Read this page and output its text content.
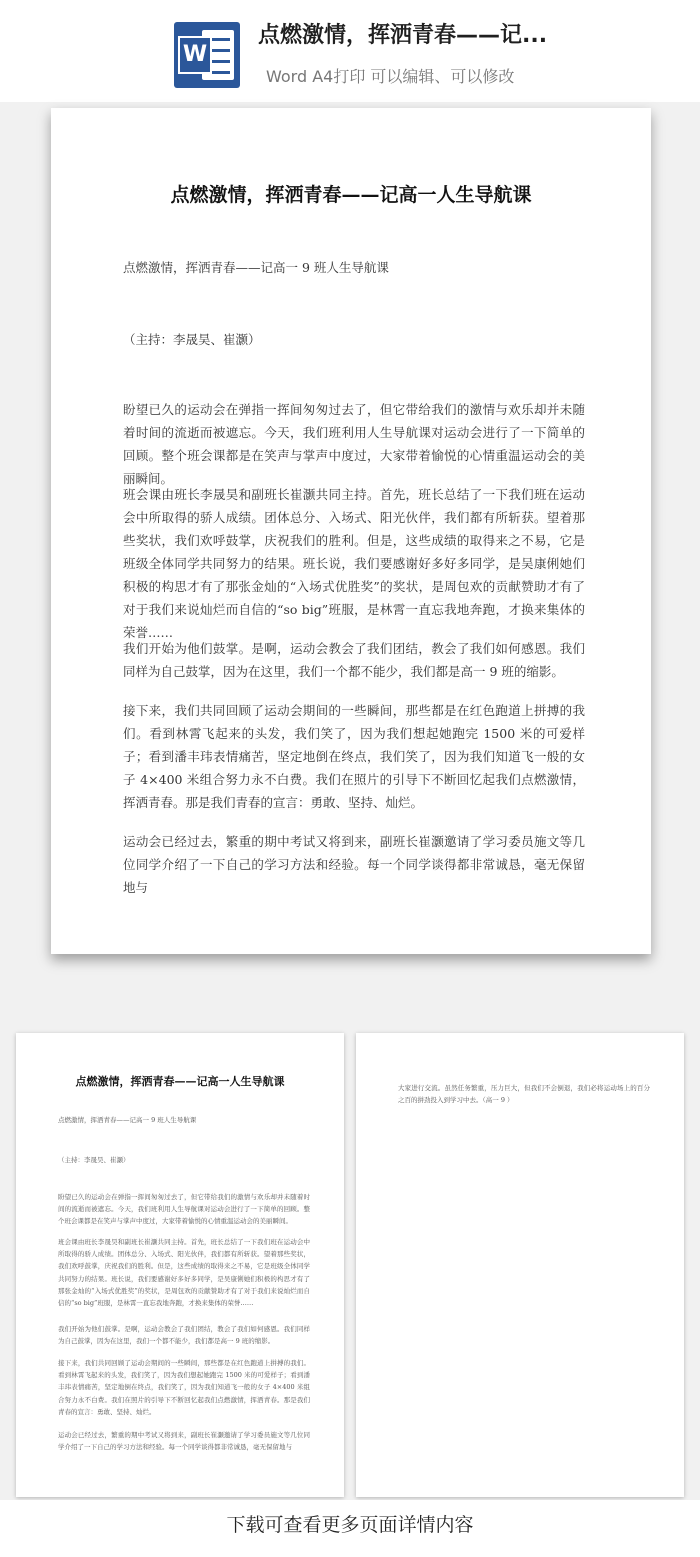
W
点燃激情，挥洒青春——记...
Word A4打印 可以编辑、可以修改
点燃激情，挥洒青春——记高一人生导航课
点燃激情，挥洒青春——记高一 9 班人生导航课
（主持：李晟昊、崔灏）

盼望已久的运动会在弹指一挥间匆匆过去了，但它带给我们的激情与欢乐却并未随着时间的流逝而被遮忘。今天，我们班利用人生导航课对运动会进行了一下简单的回顾。整个班会课都是在笑声与掌声中度过，大家带着愉悦的心情重温运动会的美丽瞬间。

班会课由班长李晟昊和副班长崔灏共同主持。首先，班长总结了一下我们班在运动会中所取得的骄人成绩。团体总分、入场式、阳光伙伴，我们都有所斩获。望着那些奖状，我们欢呼鼓掌，庆祝我们的胜利。但是，这些成绩的取得来之不易，它是班级全体同学共同努力的结果。班长说，我们要感谢好多好多同学，是吴康俐她们积极的构思才有了那张金灿的“入场式优胜奖”的奖状，是周包欢的贡献赞助才有了对于我们来说灿烂而自信的“so big”班服，是林霄一直忘我地奔跑，才换来集体的荣誉……

我们开始为他们鼓掌。是啊，运动会教会了我们团结，教会了我们如何感恩。我们同样为自己鼓掌，因为在这里，我们一个都不能少，我们都是高一 9 班的缩影。

接下来，我们共同回顾了运动会期间的一些瞬间，那些都是在红色跑道上拼搏的我们。看到林霄飞起来的头发，我们笑了，因为我们想起她跑完 1500 米的可爱样子；看到潘丰玮表情痛苦，坚定地倒在终点，我们笑了，因为我们知道飞一般的女子 4×400 米组合努力永不白费。我们在照片的引导下不断回忆起我们点燃激情，挥洒青春。那是我们青春的宣言：勇敢、坚持、灿烂。

运动会已经过去，繁重的期中考试又将到来，副班长崔灏邀请了学习委员施文等几位同学介绍了一下自己的学习方法和经验。每一个同学谈得都非常诚恳，毫无保留地与

点燃激情，挥洒青春——记高一人生导航课
点燃激情，挥洒青春——记高一 9 班人生导航课
（主持：李晟昊、崔灏）

盼望已久的运动会在弹指一挥间匆匆过去了，但它带给我们的激情与欢乐却并未随着时间的流逝而被遮忘。今天，我们班利用人生导航课对运动会进行了一下简单的回顾。整个班会课都是在笑声与掌声中度过，大家带着愉悦的心情重温运动会的美丽瞬间。

班会课由班长李晟昊和副班长崔灏共同主持。首先，班长总结了一下我们班在运动会中所取得的骄人成绩。团体总分、入场式、阳光伙伴，我们都有所斩获。望着那些奖状，我们欢呼鼓掌，庆祝我们的胜利。但是，这些成绩的取得来之不易，它是班级全体同学共同努力的结果。班长说，我们要感谢好多好多同学，是吴康俐她们积极的构思才有了那张金灿的“入场式优胜奖”的奖状，是周包欢的贡献赞助才有了对于我们来说灿烂而自信的“so big”班服，是林霄一直忘我地奔跑，才换来集体的荣誉……

我们开始为他们鼓掌。是啊，运动会教会了我们团结，教会了我们如何感恩。我们同样为自己鼓掌，因为在这里，我们一个都不能少，我们都是高一 9 班的缩影。

接下来，我们共同回顾了运动会期间的一些瞬间，那些都是在红色跑道上拼搏的我们。看到林霄飞起来的头发，我们笑了，因为我们想起她跑完 1500 米的可爱样子；看到潘丰玮表情痛苦，坚定地倒在终点，我们笑了，因为我们知道飞一般的女子 4×400 米组合努力永不白费。我们在照片的引导下不断回忆起我们点燃激情，挥洒青春。那是我们青春的宣言：勇敢、坚持、灿烂。

运动会已经过去，繁重的期中考试又将到来，副班长崔灏邀请了学习委员施文等几位同学介绍了一下自己的学习方法和经验。每一个同学谈得都非常诚恳，毫无保留地与

大家进行交流。虽然任务繁重，压力巨大，但我们不会倒退，我们必将运动场上的百分之百的拼劲投入到学习中去。（高一 9 ）

下载可查看更多页面详情内容
